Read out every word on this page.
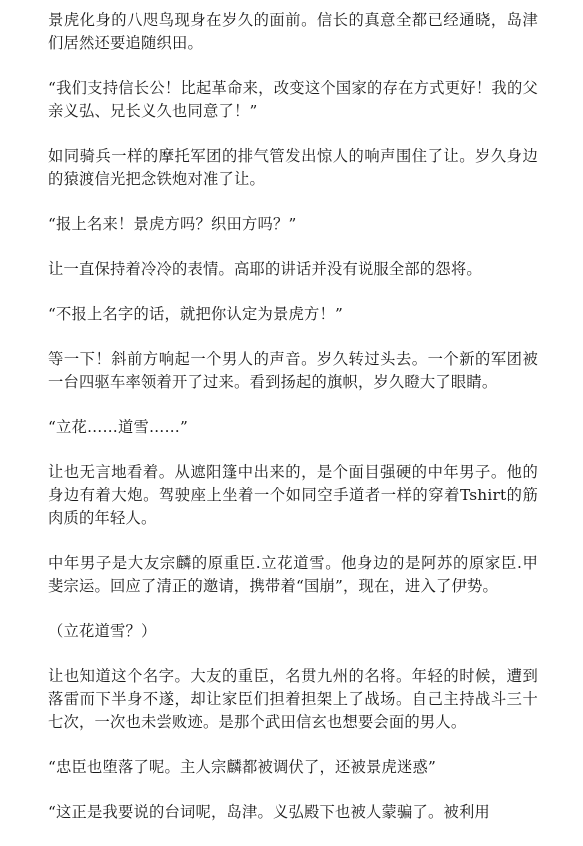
景虎化身的八咫鸟现身在岁久的面前。信长的真意全都已经通晓，岛津们居然还要追随织田。

“我们支持信长公！比起革命来，改变这个国家的存在方式更好！我的父亲义弘、兄长义久也同意了！”

如同骑兵一样的摩托军团的排气管发出惊人的响声围住了让。岁久身边的猿渡信光把念铁炮对准了让。

“报上名来！景虎方吗？织田方吗？”

让一直保持着冷冷的表情。高耶的讲话并没有说服全部的怨将。

“不报上名字的话，就把你认定为景虎方！”

等一下！斜前方响起一个男人的声音。岁久转过头去。一个新的军团被一台四驱车率领着开了过来。看到扬起的旗帜，岁久瞪大了眼睛。

“立花……道雪……”

让也无言地看着。从遮阳篷中出来的，是个面目强硬的中年男子。他的身边有着大炮。驾驶座上坐着一个如同空手道者一样的穿着Tshirt的筋肉质的年轻人。

中年男子是大友宗麟的原重臣.立花道雪。他身边的是阿苏的原家臣.甲斐宗运。回应了清正的邀请，携带着“国崩”，现在，进入了伊势。

（立花道雪？）

让也知道这个名字。大友的重臣，名贯九州的名将。年轻的时候，遭到落雷而下半身不遂，却让家臣们担着担架上了战场。自己主持战斗三十七次，一次也未尝败迹。是那个武田信玄也想要会面的男人。

“忠臣也堕落了呢。主人宗麟都被调伏了，还被景虎迷惑”

“这正是我要说的台词呢，岛津。义弘殿下也被人蒙骗了。被利用
